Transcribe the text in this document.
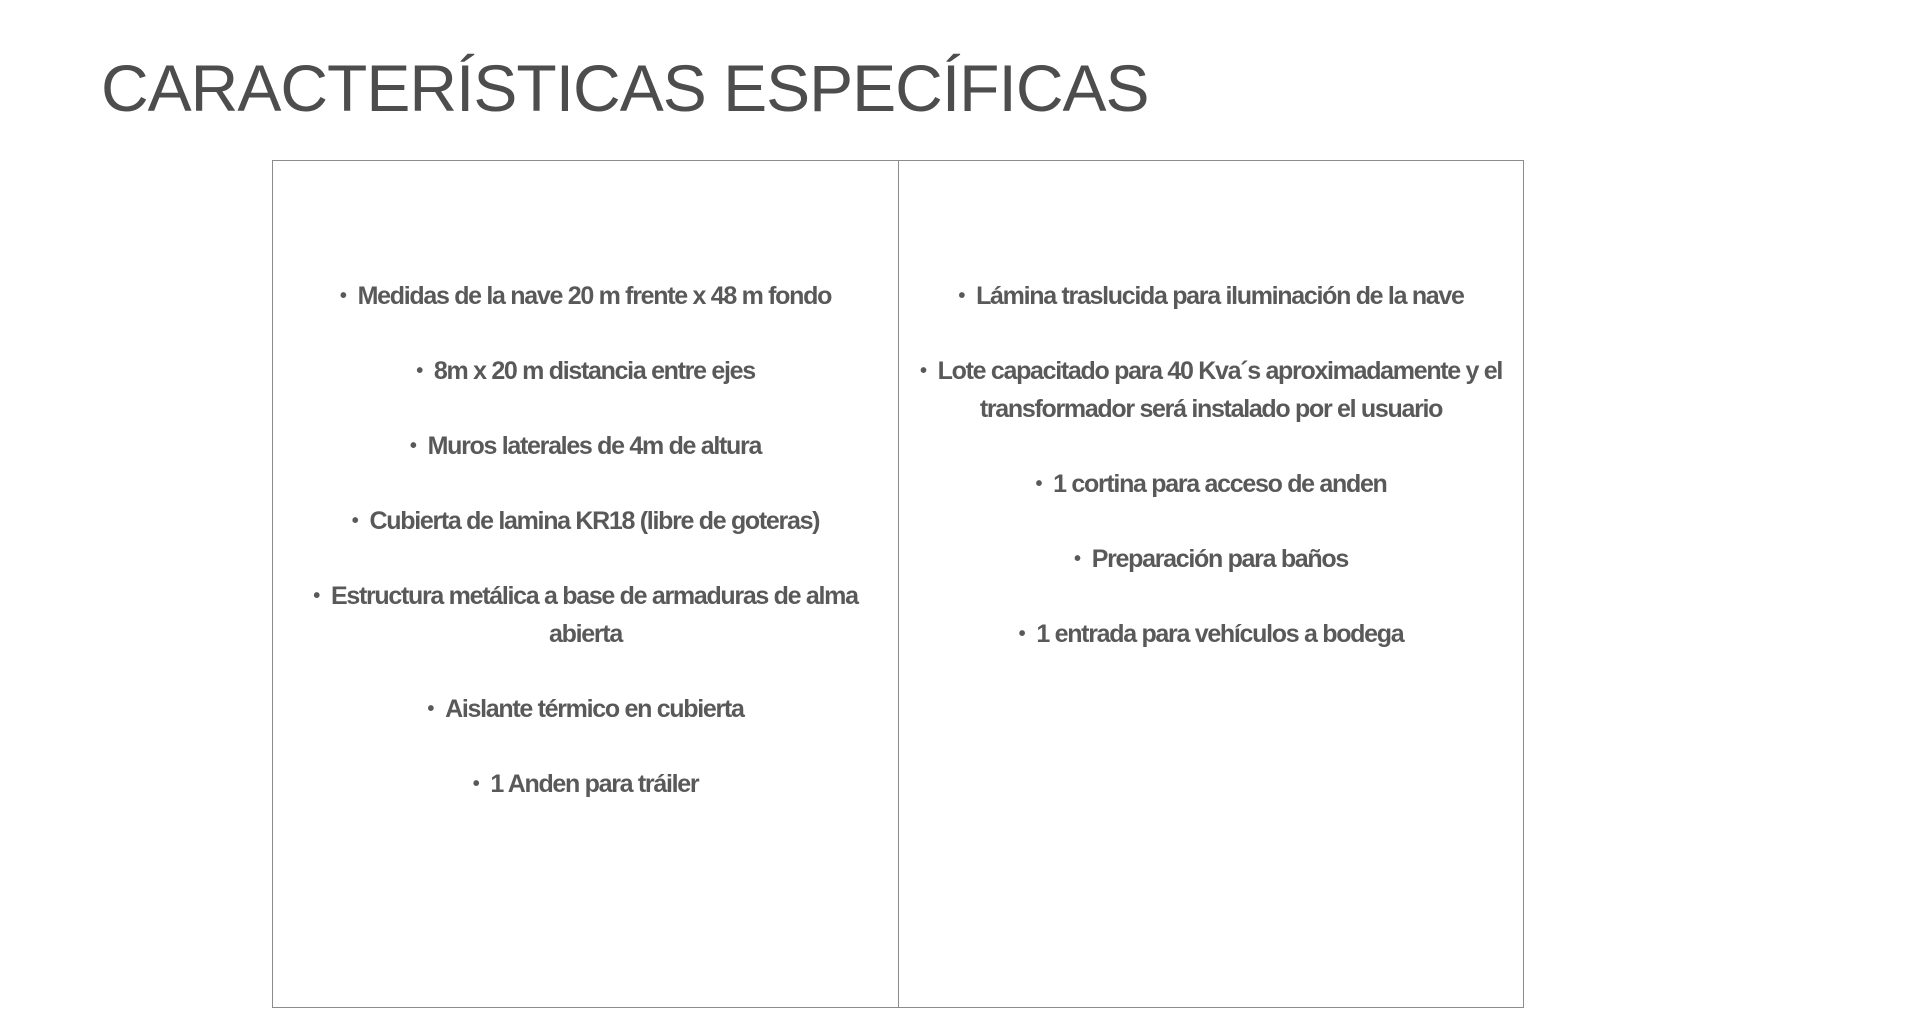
CARACTERÍSTICAS ESPECÍFICAS
• Medidas de la nave 20 m frente x 48 m fondo
• 8m x 20 m distancia entre ejes
• Muros laterales de 4m de altura
• Cubierta de lamina KR18 (libre de goteras)
• Estructura metálica a base de armaduras de alma abierta
• Aislante térmico en cubierta
• 1 Anden para tráiler
• Lámina traslucida para iluminación de la nave
• Lote capacitado para 40 Kva´s aproximadamente y el transformador será instalado por el usuario
• 1 cortina para acceso de anden
• Preparación para baños
• 1 entrada para vehículos a bodega
